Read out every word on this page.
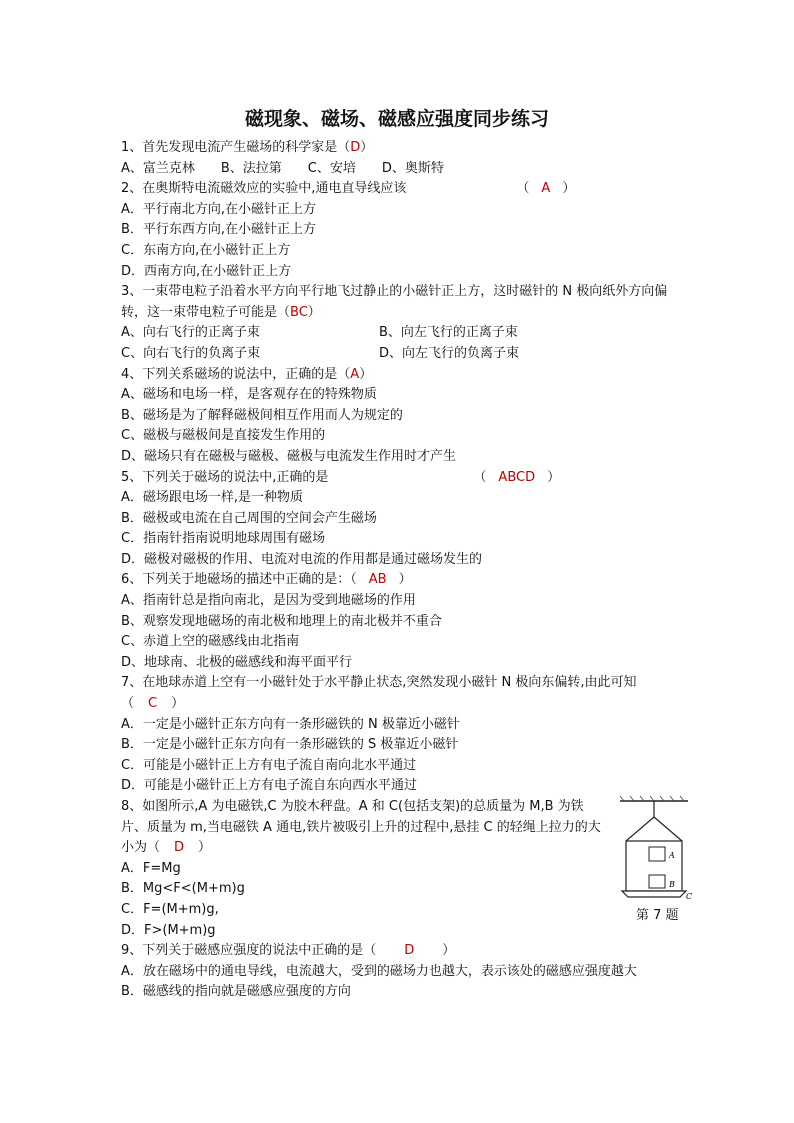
磁现象、磁场、磁感应强度同步练习
1、首先发现电流产生磁场的科学家是（D）
A、富兰克林　　B、法拉第　　C、安培　　D、奥斯特
2、在奥斯特电流磁效应的实验中,通电直导线应该	（ A ）
A．平行南北方向,在小磁针正上方
B．平行东西方向,在小磁针正上方
C．东南方向,在小磁针正上方
D．西南方向,在小磁针正上方
3、一束带电粒子沿着水平方向平行地飞过静止的小磁针正上方，这时磁针的 N 极向纸外方向偏转，这一束带电粒子可能是（BC）
A、向右飞行的正离子束	B、向左飞行的正离子束
C、向右飞行的负离子束	D、向左飞行的负离子束
4、下列关系磁场的说法中，正确的是（A）
A、磁场和电场一样，是客观存在的特殊物质
B、磁场是为了解释磁极间相互作用而人为规定的
C、磁极与磁极间是直接发生作用的
D、磁场只有在磁极与磁极、磁极与电流发生作用时才产生
5、下列关于磁场的说法中,正确的是	（ ABCD ）
A．磁场跟电场一样,是一种物质
B．磁极或电流在自己周围的空间会产生磁场
C．指南针指南说明地球周围有磁场
D．磁极对磁极的作用、电流对电流的作用都是通过磁场发生的
6、下列关于地磁场的描述中正确的是：（ AB ）
A、指南针总是指向南北，是因为受到地磁场的作用
B、观察发现地磁场的南北极和地理上的南北极并不重合
C、赤道上空的磁感线由北指南
D、地球南、北极的磁感线和海平面平行
7、在地球赤道上空有一小磁针处于水平静止状态,突然发现小磁针 N 极向东偏转,由此可知
（ C ）
A．一定是小磁针正东方向有一条形磁铁的 N 极靠近小磁针
B．一定是小磁针正东方向有一条形磁铁的 S 极靠近小磁针
C．可能是小磁针正上方有电子流自南向北水平通过
D．可能是小磁针正上方有电子流自东向西水平通过
8、如图所示,A 为电磁铁,C 为胶木秤盘。A 和 C(包括支架)的总质量为 M,B 为铁片、质量为 m,当电磁铁 A 通电,铁片被吸引上升的过程中,悬挂 C 的轻绳上拉力的大小为（ D ）
A．F=Mg
B．Mg<F<(M+m)g
C．F=(M+m)g,
D．F>(M+m)g
9、下列关于磁感应强度的说法中正确的是（ D ）
A．放在磁场中的通电导线，电流越大，受到的磁场力也越大，表示该处的磁感应强度越大
B．磁感线的指向就是磁感应强度的方向
A
B
C
第 7 题
